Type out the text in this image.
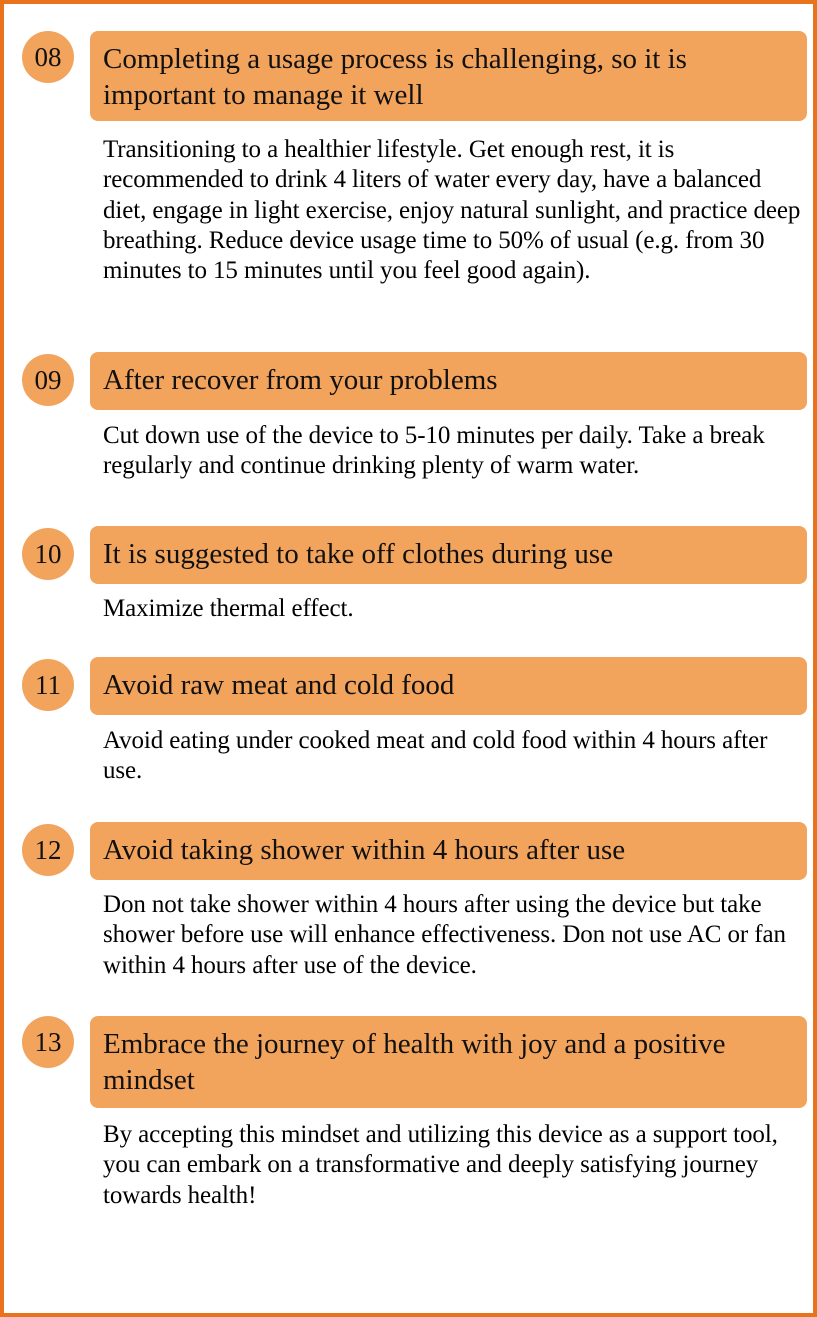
08	Completing a usage process is challenging, so it is important to manage it well
Transitioning to a healthier lifestyle. Get enough rest, it is recommended to drink 4 liters of water every day, have a balanced diet, engage in light exercise, enjoy natural sunlight, and practice deep breathing. Reduce device usage time to 50% of usual (e.g. from 30 minutes to 15 minutes until you feel good again).
09	After recover from your problems
Cut down use of the device to 5-10 minutes per daily. Take a break regularly and continue drinking plenty of warm water.
10	It is suggested to take off clothes during use
Maximize thermal effect.
11	Avoid raw meat and cold food
Avoid eating under cooked meat and cold food within 4 hours after use.
12	Avoid taking shower within 4 hours after use
Don not take shower within 4 hours after using the device but take shower before use will enhance effectiveness. Don not use AC or fan within 4 hours after use of the device.
13	Embrace the journey of health with joy and a positive mindset
By accepting this mindset and utilizing this device as a support tool, you can embark on a transformative and deeply satisfying journey towards health!
